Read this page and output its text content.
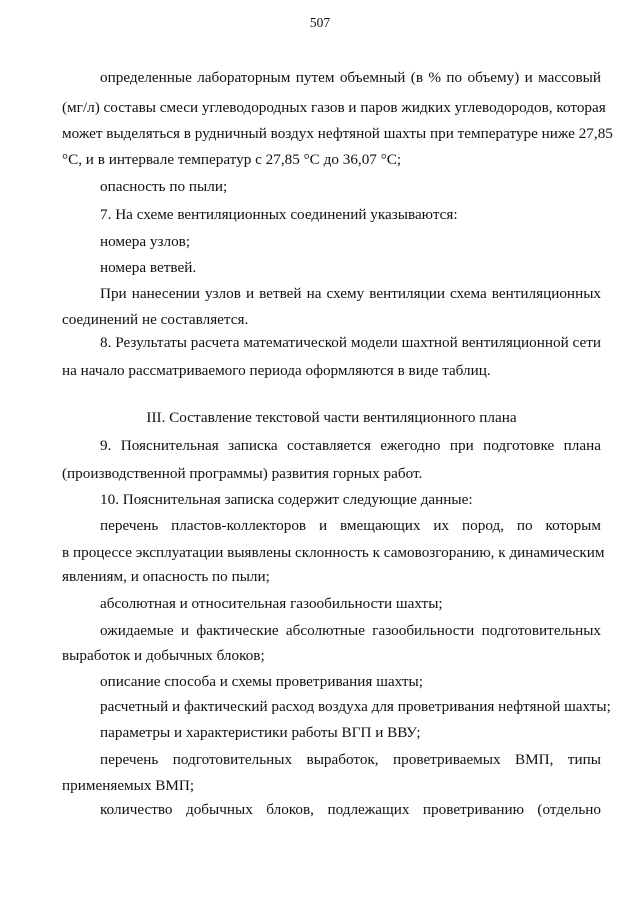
507
определенные лабораторным путем объемный (в % по объему) и массовый
(мг/л) составы смеси углеводородных газов и паров жидких углеводородов, которая
может выделяться в рудничный воздух нефтяной шахты при температуре ниже 27,85
°С, и в интервале температур с 27,85 °С до 36,07 °С;
опасность по пыли;
7. На схеме вентиляционных соединений указываются:
номера узлов;
номера ветвей.
При нанесении узлов и ветвей на схему вентиляции схема вентиляционных
соединений не составляется.
8. Результаты расчета математической модели шахтной вентиляционной сети
на начало рассматриваемого периода оформляются в виде таблиц.
III. Составление текстовой части вентиляционного плана
9. Пояснительная записка составляется ежегодно при подготовке плана
(производственной программы) развития горных работ.
10. Пояснительная записка содержит следующие данные:
перечень пластов-коллекторов и вмещающих их пород, по которым
в процессе эксплуатации выявлены склонность к самовозгоранию, к динамическим
явлениям, и опасность по пыли;
абсолютная и относительная газообильности шахты;
ожидаемые и фактические абсолютные газообильности подготовительных
выработок и добычных блоков;
описание способа и схемы проветривания шахты;
расчетный и фактический расход воздуха для проветривания нефтяной шахты;
параметры и характеристики работы ВГП и ВВУ;
перечень подготовительных выработок, проветриваемых ВМП, типы
применяемых ВМП;
количество добычных блоков, подлежащих проветриванию (отдельно
